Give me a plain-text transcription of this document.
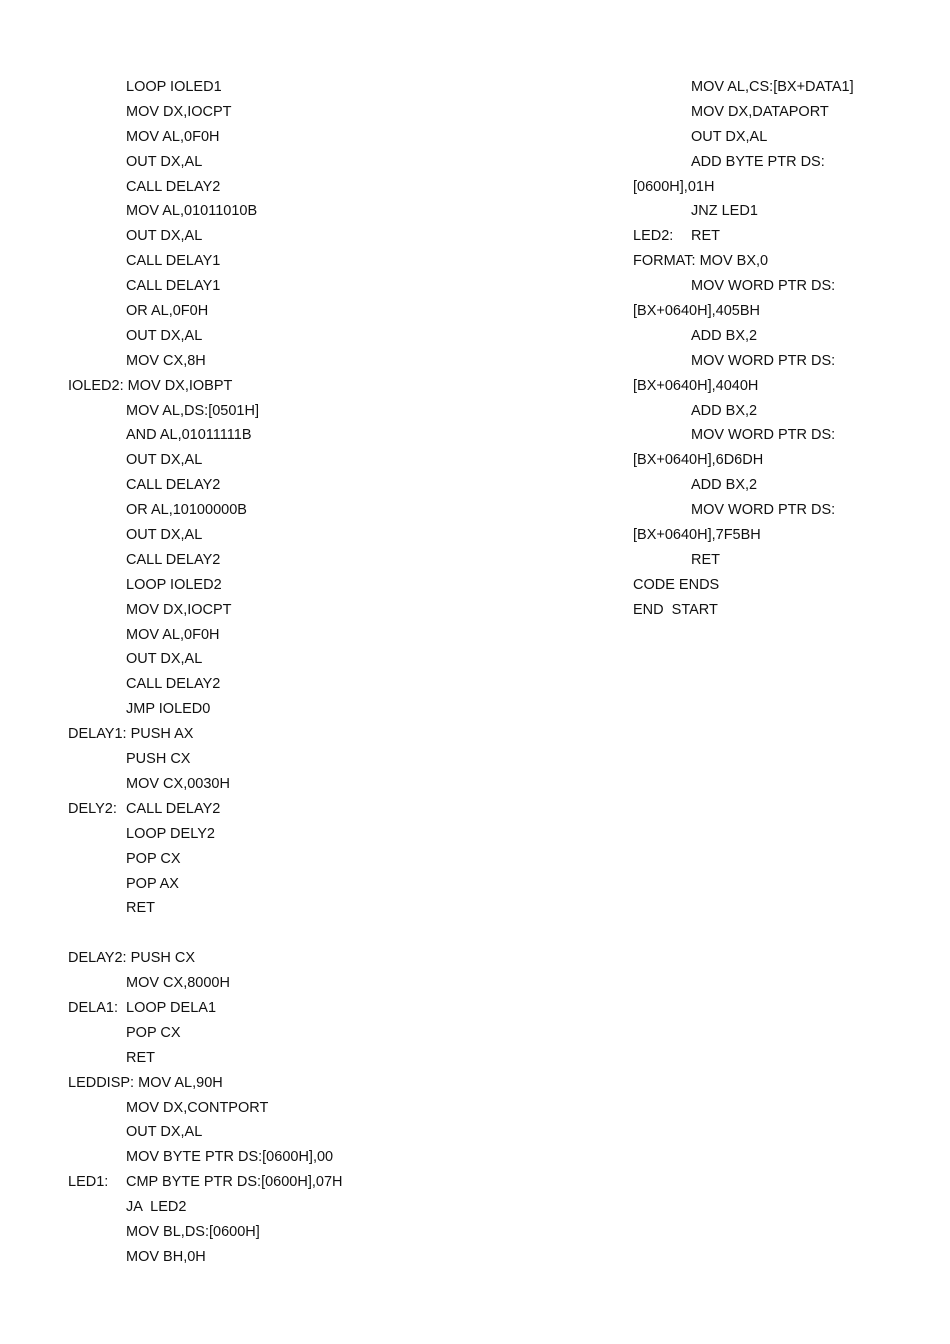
LOOP IOLED1
MOV DX,IOCPT
MOV AL,0F0H
OUT DX,AL
CALL DELAY2
MOV AL,01011010B
OUT DX,AL
CALL DELAY1
CALL DELAY1
OR AL,0F0H
OUT DX,AL
MOV CX,8H
IOLED2: MOV DX,IOBPT
MOV AL,DS:[0501H]
AND AL,01011111B
OUT DX,AL
CALL DELAY2
OR AL,10100000B
OUT DX,AL
CALL DELAY2
LOOP IOLED2
MOV DX,IOCPT
MOV AL,0F0H
OUT DX,AL
CALL DELAY2
JMP IOLED0
DELAY1: PUSH AX
PUSH CX
MOV CX,0030H
DELY2: CALL DELAY2
LOOP DELY2
POP CX
POP AX
RET
DELAY2: PUSH CX
MOV CX,8000H
DELA1: LOOP DELA1
POP CX
RET
LEDDISP: MOV AL,90H
MOV DX,CONTPORT
OUT DX,AL
MOV BYTE PTR DS:[0600H],00
LED1: CMP BYTE PTR DS:[0600H],07H
JA  LED2
MOV BL,DS:[0600H]
MOV BH,0H
MOV AL,CS:[BX+DATA1]
MOV DX,DATAPORT
OUT DX,AL
ADD BYTE PTR DS:
[0600H],01H
JNZ LED1
LED2: RET
FORMAT: MOV BX,0
MOV WORD PTR DS:
[BX+0640H],405BH
ADD BX,2
MOV WORD PTR DS:
[BX+0640H],4040H
ADD BX,2
MOV WORD PTR DS:
[BX+0640H],6D6DH
ADD BX,2
MOV WORD PTR DS:
[BX+0640H],7F5BH
RET
CODE ENDS
END  START
